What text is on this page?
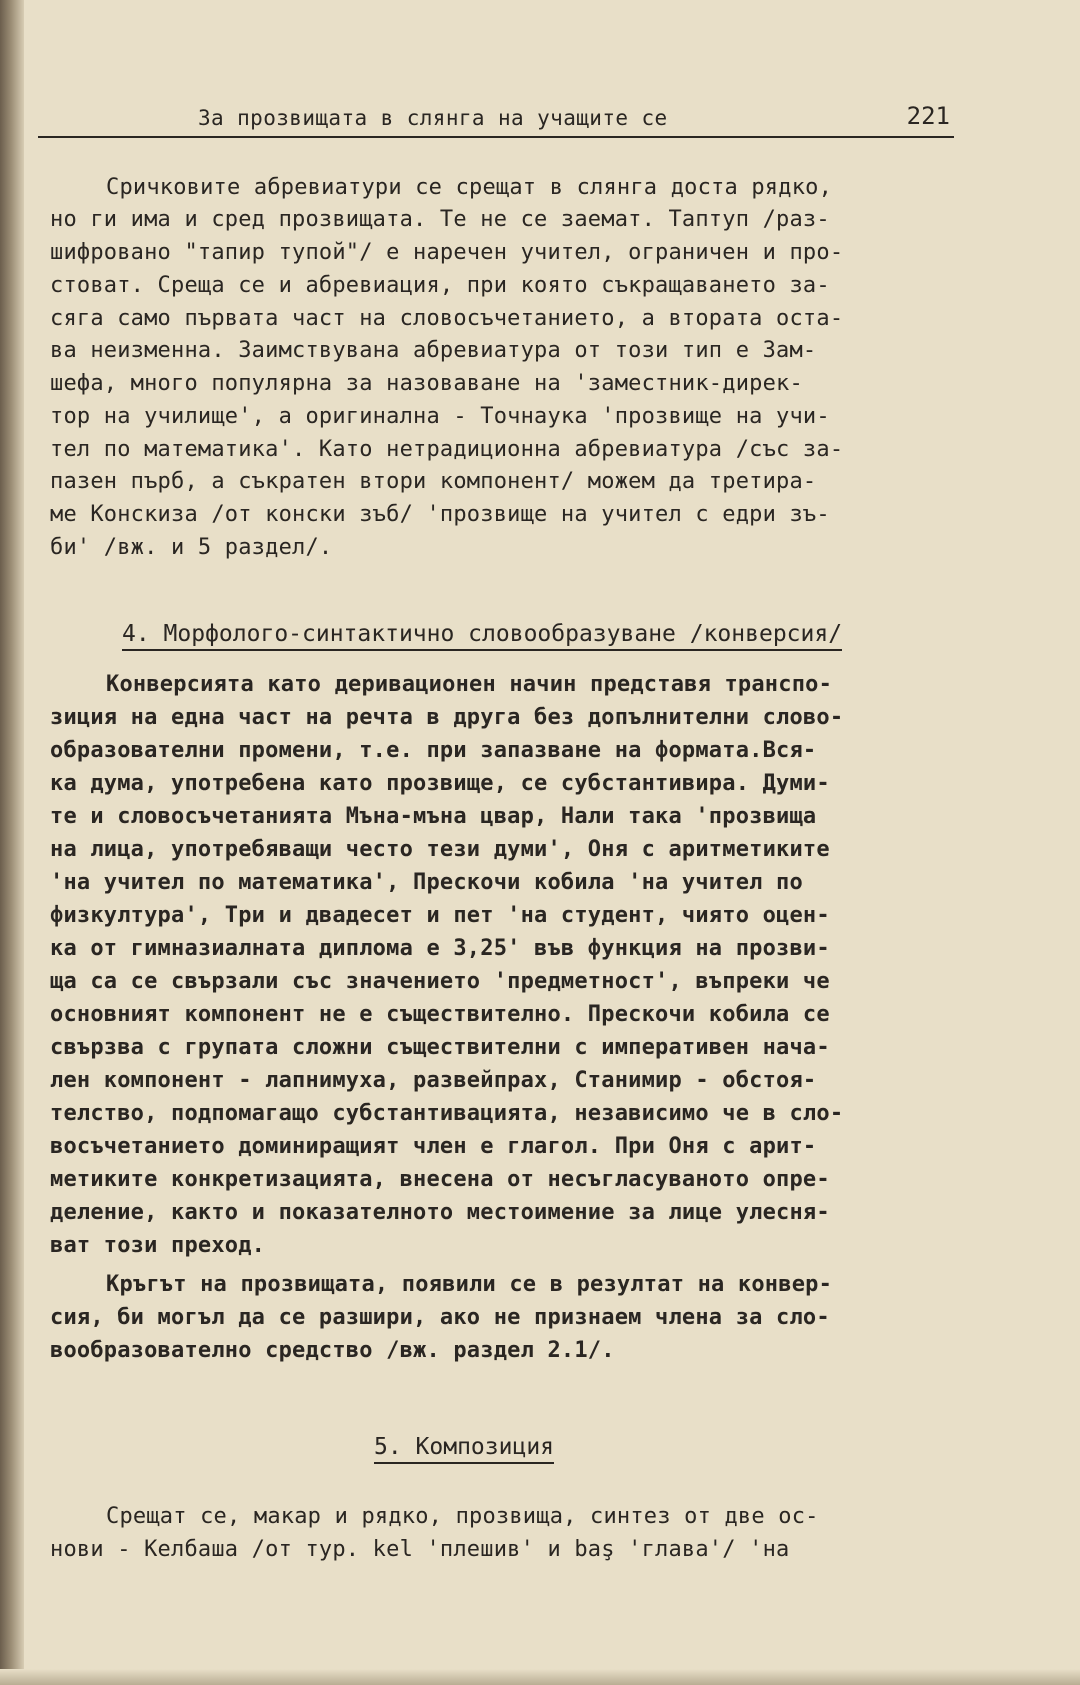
За прозвищата в слянга на учащите се	221
Сричковите абревиатури се срещат в слянга доста рядко,
но ги има и сред прозвищата. Те не се заемат. Таптуп /раз-
шифровано "тапир тупой"/ е наречен учител, ограничен и про-
стоват. Среща се и абревиация, при която съкращаването за-
сяга само първата част на словосъчетанието, а втората оста-
ва неизменна. Заимствувана абревиатура от този тип е Зам-
шефа, много популярна за назоваване на 'заместник-дирек-
тор на училище', а оригинална - Точнаука 'прозвище на учи-
тел по математика'. Като нетрадиционна абревиатура /със за-
пазен пърб, а съкратен втори компонент/ можем да третира-
ме Конскиза /от конски зъб/ 'прозвище на учител с едри зъ-
би' /вж. и 5 раздел/.
4. Морфолого-синтактично словообразуване /конверсия/
Конверсията като деривационен начин представя транспо-
зиция на една част на речта в друга без допълнителни слово-
образователни промени, т.е. при запазване на формата.Вся-
ка дума, употребена като прозвище, се субстантивира. Думи-
те и словосъчетанията Мъна-мъна цвар, Нали така 'прозвища
на лица, употребяващи често тези думи', Оня с аритметиките
'на учител по математика', Прескочи кобила 'на учител по
физкултура', Три и двадесет и пет 'на студент, чиято оцен-
ка от гимназиалната диплома е 3,25' във функция на прозви-
ща са се свързали със значението 'предметност', въпреки че
основният компонент не е съществително. Прескочи кобила се
свързва с групата сложни съществителни с императивен нача-
лен компонент - лапнимуха, развейпрах, Станимир - обстоя-
телство, подпомагащо субстантивацията, независимо че в сло-
восъчетанието доминиращият член е глагол. При Оня с арит-
метиките конкретизацията, внесена от несъгласуваното опре-
деление, както и показателното местоимение за лице улесня-
ват този преход.
Кръгът на прозвищата, появили се в резултат на конвер-
сия, би могъл да се разшири, ако не признаем члена за сло-
вообразователно средство /вж. раздел 2.1/.
5. Композиция
Срещат се, макар и рядко, прозвища, синтез от две ос-
нови - Келбаша /от тур. kel 'плешив' и baş 'глава'/ 'на
